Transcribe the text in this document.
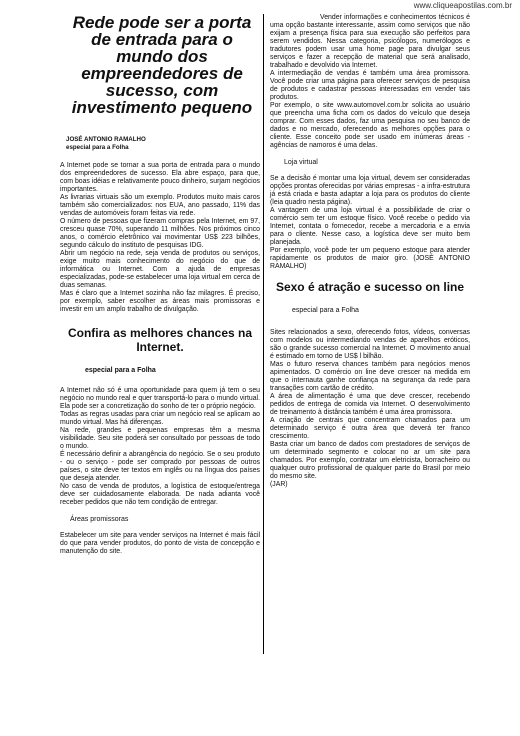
www.cliqueapostilas.com.br
Rede pode ser a porta de entrada para o mundo dos empreendedores de sucesso, com investimento pequeno
JOSÉ ANTONIO RAMALHO
especial para a Folha

A Internet pode se tornar a sua porta de entrada para o mundo dos empreendedores de sucesso. Ela abre espaço, para que, com boas idéias e relativamente pouco dinheiro, surjam negócios importantes.

As livrarias virtuais são um exemplo. Produtos muito mais caros também são comercializados: nos EUA, ano passado, 11% das vendas de automóveis foram feitas via rede.

O número de pessoas que fizeram compras pela Internet, em 97, cresceu quase 70%, superando 11 milhões. Nos próximos cinco anos, o comércio eletrônico vai movimentar US$ 223 bilhões, segundo cálculo do instituto de pesquisas IDG.

Abrir um negócio na rede, seja venda de produtos ou serviços, exige muito mais conhecimento do negócio do que de informática ou Internet. Com a ajuda de empresas especializadas, pode-se estabelecer uma loja virtual em cerca de duas semanas.

Mas é claro que a Internet sozinha não faz milagres. É preciso, por exemplo, saber escolher as áreas mais promissoras e investir em um amplo trabalho de divulgação.

Confira as melhores chances na Internet.
especial para a Folha

A Internet não só é uma oportunidade para quem já tem o seu negócio no mundo real e quer transportá-lo para o mundo virtual. Ela pode ser a concretização do sonho de ter o próprio negócio.

Todas as regras usadas para criar um negócio real se aplicam ao mundo virtual. Mas há diferenças.

Na rede, grandes e pequenas empresas têm a mesma visibilidade. Seu site poderá ser consultado por pessoas de todo o mundo.

É necessário definir a abrangência do negócio. Se o seu produto - ou o serviço - pode ser comprado por pessoas de outros países, o site deve ter textos em inglês ou na língua dos países que deseja atender.

No caso de venda de produtos, a logística de estoque/entrega deve ser cuidadosamente elaborada. De nada adianta você receber pedidos que não tem condição de entregar.

Áreas promissoras

Estabelecer um site para vender serviços na Internet é mais fácil do que para vender produtos, do ponto de vista de concepção e manutenção do site.

Vender informações e conhecimentos técnicos é uma opção bastante interessante, assim como serviços que não exijam a presença física para sua execução são perfeitos para serem vendidos. Nessa categoria, psicólogos, numerólogos e tradutores podem usar uma home page para divulgar seus serviços e fazer a recepção de material que será analisado, trabalhado e devolvido via Internet.

A intermediação de vendas é também uma área promissora. Você pode criar uma página para oferecer serviços de pesquisa de produtos e cadastrar pessoas interessadas em vender tais produtos.

Por exemplo, o site www.automovel.com.br solicita ao usuário que preencha uma ficha com os dados do veículo que deseja comprar. Com esses dados, faz uma pesquisa no seu banco de dados e no mercado, oferecendo as melhores opções para o cliente. Esse conceito pode ser usado em inúmeras áreas - agências de namoros é uma delas.

Loja virtual

Se a decisão é montar uma loja virtual, devem ser consideradas opções prontas oferecidas por várias empresas - a infra-estrutura já está criada e basta adaptar a loja para os produtos do cliente (leia quadro nesta página).

A vantagem de uma loja virtual é a possibilidade de criar o comércio sem ter um estoque físico. Você recebe o pedido via Internet, contata o fornecedor, recebe a mercadoria e a envia para o cliente. Nesse caso, a logística deve ser muito bem planejada.

Por exemplo, você pode ter um pequeno estoque para atender rapidamente os produtos de maior giro. (JOSÉ ANTONIO RAMALHO)

Sexo é atração e sucesso on line
especial para a Folha

Sites relacionados a sexo, oferecendo fotos, vídeos, conversas com modelos ou intermediando vendas de aparelhos eróticos, são o grande sucesso comercial na Internet. O movimento anual é estimado em torno de US$ l bilhão.

Mas o futuro reserva chances também para negócios menos apimentados. O comércio on line deve crescer na medida em que o internauta ganhe confiança na segurança da rede para transações com cartão de crédito.

A área de alimentação é uma que deve crescer, recebendo pedidos de entrega de comida via Internet. O desenvolvimento de treinamento à distância também é uma área promissora.

A criação de centrais que concentram chamados para um determinado serviço é outra área que deverá ter franco crescimento.

Basta criar um banco de dados com prestadores de serviços de um determinado segmento e colocar no ar um site para chamados. Por exemplo, contratar um eletricista, borracheiro ou qualquer outro profissional de qualquer parte do Brasil por meio do mesmo site.

(JAR)
